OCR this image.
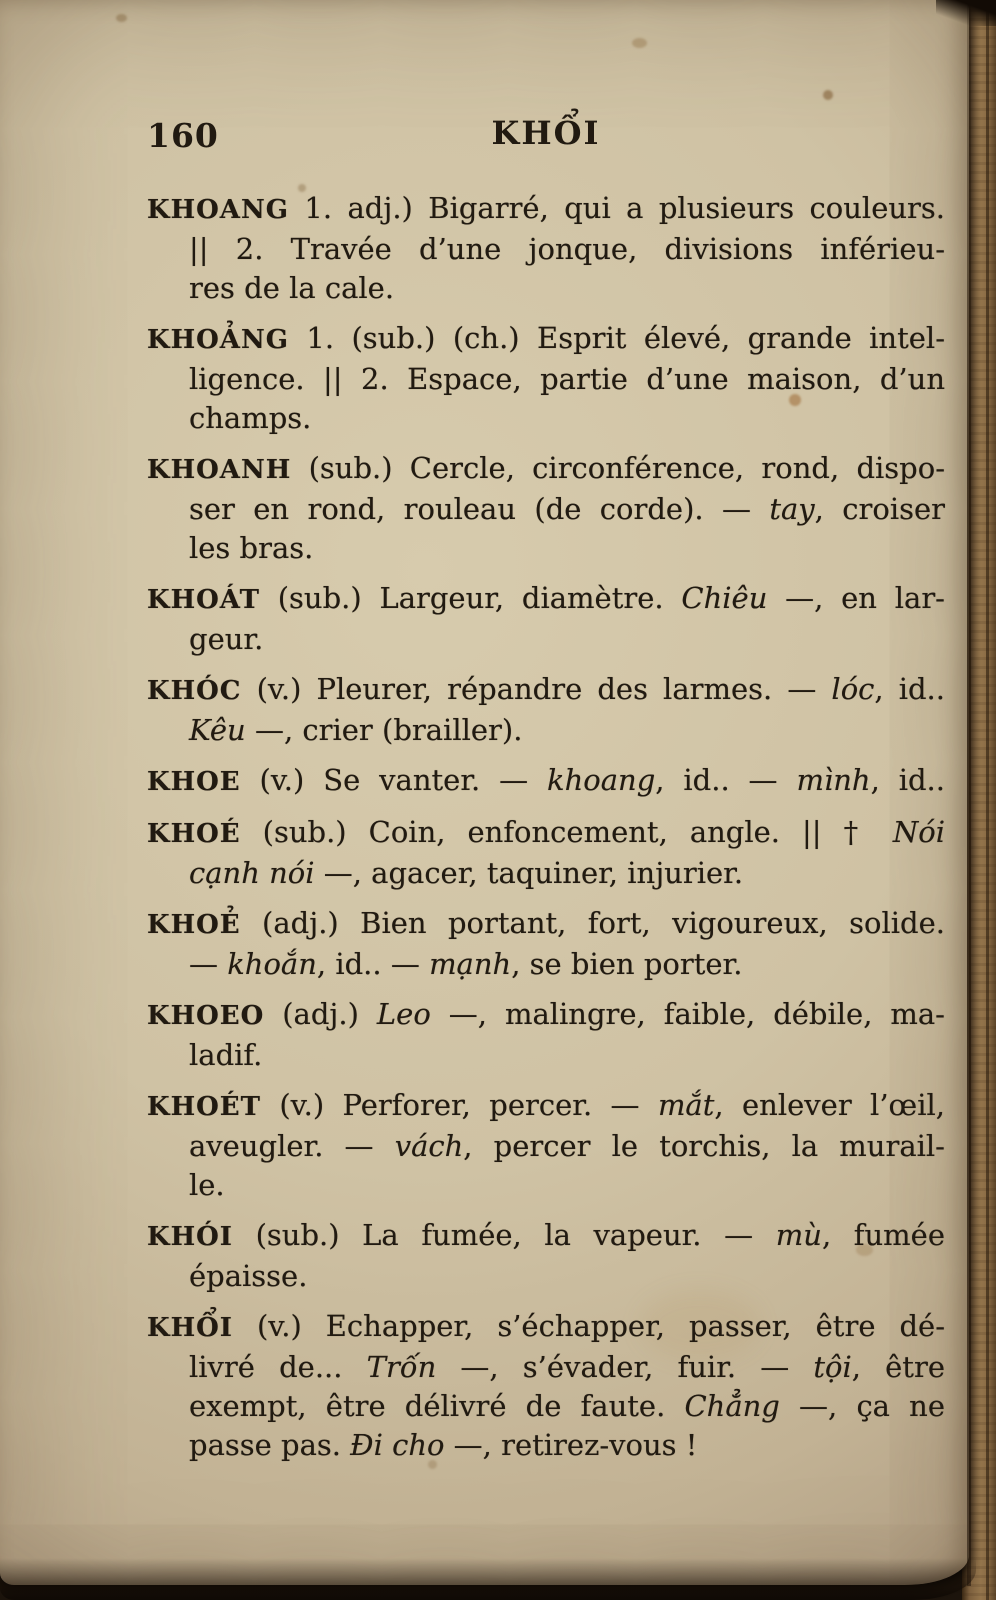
160	KHỔI
KHOANG 1. adj.) Bigarré, qui a plusieurs couleurs.
|| 2. Travée d’une jonque, divisions inférieu-
res de la cale.
KHOẢNG 1. (sub.) (ch.) Esprit élevé, grande intel-
ligence. || 2. Espace, partie d’une maison, d’un
champs.
KHOANH (sub.) Cercle, circonférence, rond, dispo-
ser en rond, rouleau (de corde). — tay, croiser
les bras.
KHOÁT (sub.) Largeur, diamètre. Chiêu —, en lar-
geur.
KHÓC (v.) Pleurer, répandre des larmes. — lóc, id..
Kêu —, crier (brailler).
KHOE (v.) Se vanter. — khoang, id.. — mình, id..
KHOÉ (sub.) Coin, enfoncement, angle. || † Nói
cạnh nói —, agacer, taquiner, injurier.
KHOẺ (adj.) Bien portant, fort, vigoureux, solide.
— khoắn, id.. — mạnh, se bien porter.
KHOEO (adj.) Leo —, malingre, faible, débile, ma-
ladif.
KHOÉT (v.) Perforer, percer. — mắt, enlever l’œil,
aveugler. — vách, percer le torchis, la murail-
le.
KHÓI (sub.) La fumée, la vapeur. — mù, fumée
épaisse.
KHỔI (v.) Echapper, s’échapper, passer, être dé-
livré de... Trốn —, s’évader, fuir. — tội, être
exempt, être délivré de faute. Chẳng —, ça ne
passe pas. Đi cho —, retirez-vous !
